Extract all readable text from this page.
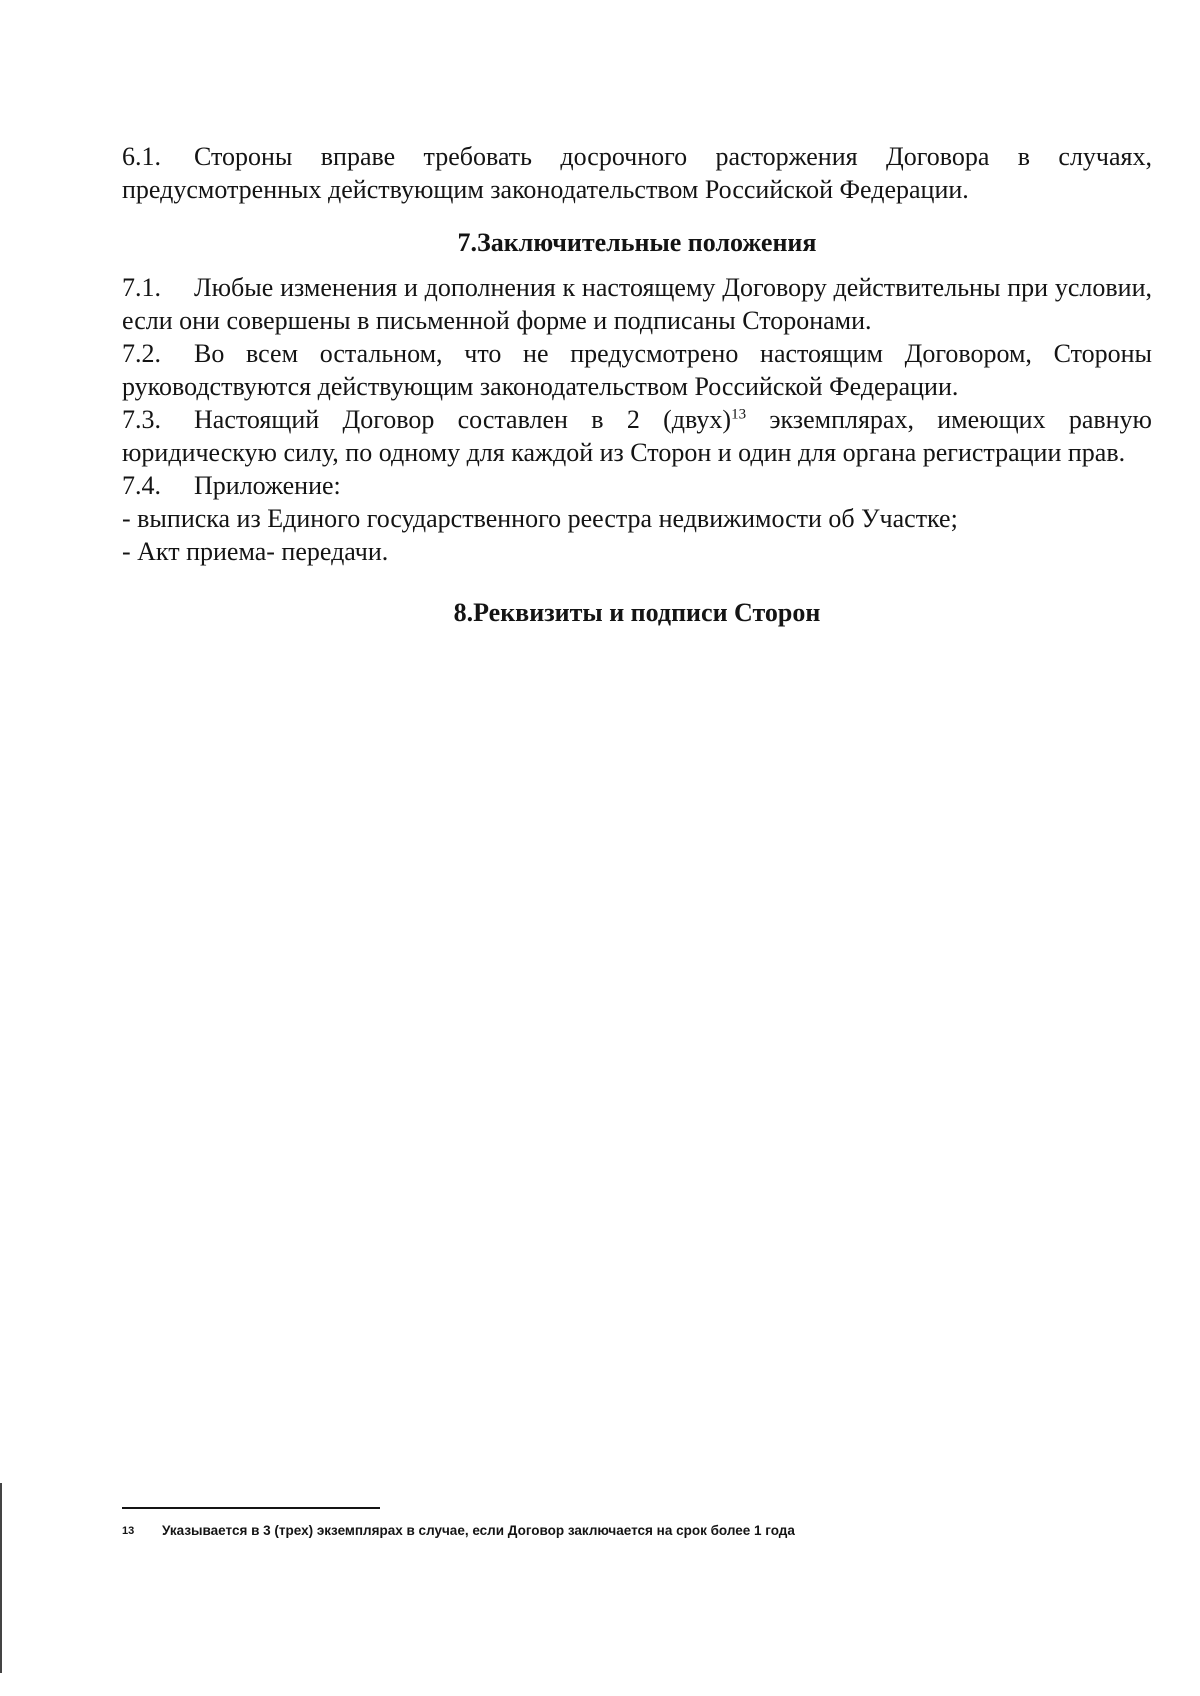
6.1. Стороны вправе требовать досрочного расторжения Договора в случаях, предусмотренных действующим законодательством Российской Федерации.

7.Заключительные положения

7.1. Любые изменения и дополнения к настоящему Договору действительны при условии, если они совершены в письменной форме и подписаны Сторонами.

7.2. Во всем остальном, что не предусмотрено настоящим Договором, Стороны руководствуются действующим законодательством Российской Федерации.

7.3. Настоящий Договор составлен в 2 (двух)$^{13}$ экземплярах, имеющих равную юридическую силу, по одному для каждой из Сторон и один для органа регистрации прав.

7.4. Приложение:

- выписка из Единого государственного реестра недвижимости об Участке;

- Акт приема- передачи.

8.Реквизиты и подписи Сторон

13 Указывается в 3 (трех) экземплярах в случае, если Договор заключается на срок более 1 года
